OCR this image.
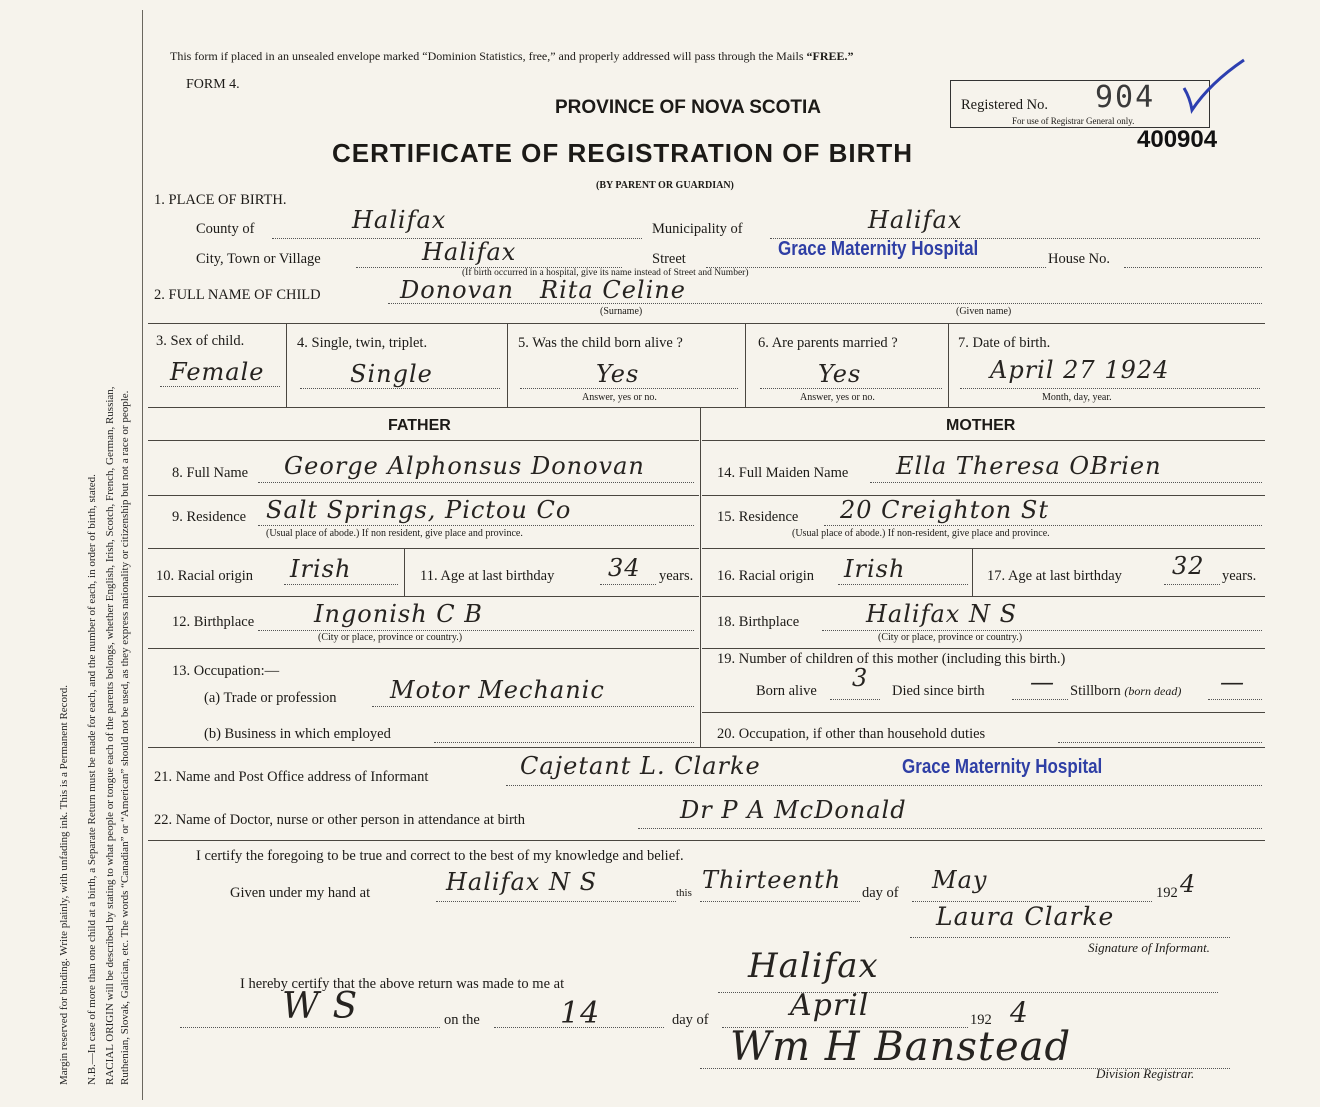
Margin reserved for binding. Write plainly, with unfading ink. This is a Permanent Record. N.B.—In case of more than one child at a birth, a Separate Return must be made for each, and the number of each, in order of birth, stated. RACIAL ORIGIN will be described by stating to what people or tongue each of the parents belongs, whether English, Irish, Scotch, French, German, Russian, Ruthenian, Slovak, Galician, etc. The words “Canadian” or “American” should not be used, as they express nationality or citizenship but not a race or people.
This form if placed in an unsealed envelope marked “Dominion Statistics, free,” and properly addressed will pass through the Mails “FREE.”
FORM 4.
PROVINCE OF NOVA SCOTIA
CERTIFICATE OF REGISTRATION OF BIRTH
(BY PARENT OR GUARDIAN)
Registered No. 904
For use of Registrar General only.
400904
1. PLACE OF BIRTH.
County of	Halifax	Municipality of	Halifax
City, Town or Village	Halifax	Street	Grace Maternity Hospital	House No.
(If birth occurred in a hospital, give its name instead of Street and Number)
2. FULL NAME OF CHILD	Donovan Rita Celine
(Surname)	(Given name)
3. Sex of child.
Female
4. Single, twin, triplet.
Single
5. Was the child born alive ?
Yes
Answer, yes or no.
6. Are parents married ?
Yes
Answer, yes or no.
7. Date of birth.
April 27 1924
Month, day, year.
FATHER	MOTHER
8. Full Name George Alphonsus Donovan
9. Residence Salt Springs, Pictou Co
(Usual place of abode.) If non resident, give place and province.
10. Racial origin Irish	11. Age at last birthday 34 years.
12. Birthplace Ingonish C B
(City or place, province or country.)
13. Occupation:—
(a) Trade or profession Motor Mechanic
(b) Business in which employed
14. Full Maiden Name Ella Theresa OBrien
15. Residence 20 Creighton St
(Usual place of abode.) If non-resident, give place and province.
16. Racial origin Irish	17. Age at last birthday 32 years.
18. Birthplace	Halifax N S
(City or place, province or country.)
19. Number of children of this mother (including this birth.)
Born alive 3 Died since birth — Stillborn (born dead) —
20. Occupation, if other than household duties
21. Name and Post Office address of Informant	Cajetant L. Clarke	Grace Maternity Hospital
22. Name of Doctor, nurse or other person in attendance at birth	Dr P A McDonald
I certify the foregoing to be true and correct to the best of my knowledge and belief.
Given under my hand at	Halifax N S	this Thirteenth day of May	192 4
Laura Clarke
Signature of Informant.
I hereby certify that the above return was made to me at	Halifax
W S	on the	14	day of	April	192 4
Wm H Banstead
Division Registrar.
